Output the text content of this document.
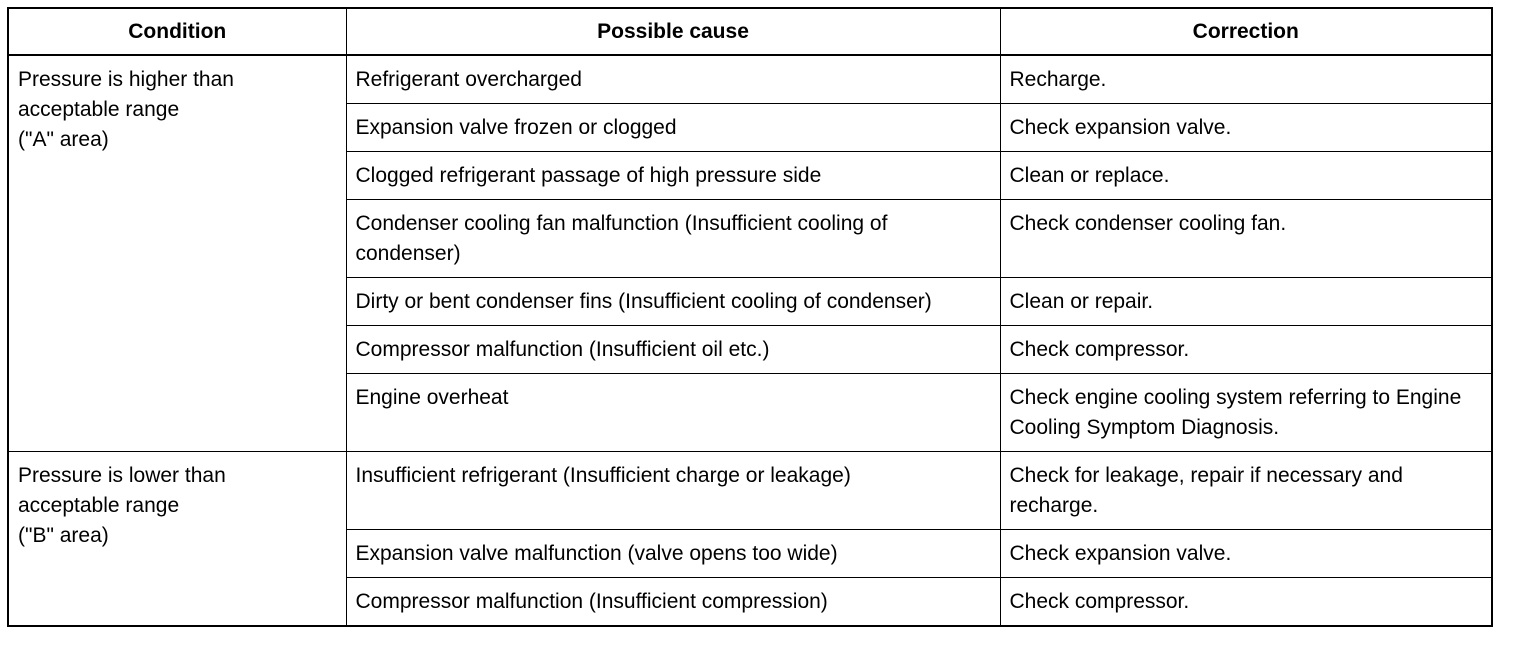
Condition	Possible cause	Correction

Pressure is higher than
acceptable range
("A" area)	Refrigerant overcharged	Recharge.
	Expansion valve frozen or clogged	Check expansion valve.
	Clogged refrigerant passage of high pressure side	Clean or replace.
	Condenser cooling fan malfunction (Insufficient cooling of condenser)	Check condenser cooling fan.
	Dirty or bent condenser fins (Insufficient cooling of condenser)	Clean or repair.
	Compressor malfunction (Insufficient oil etc.)	Check compressor.
	Engine overheat	Check engine cooling system referring to Engine Cooling Symptom Diagnosis.

Pressure is lower than
acceptable range
("B" area)	Insufficient refrigerant (Insufficient charge or leakage)	Check for leakage, repair if necessary and recharge.
	Expansion valve malfunction (valve opens too wide)	Check expansion valve.
	Compressor malfunction (Insufficient compression)	Check compressor.
